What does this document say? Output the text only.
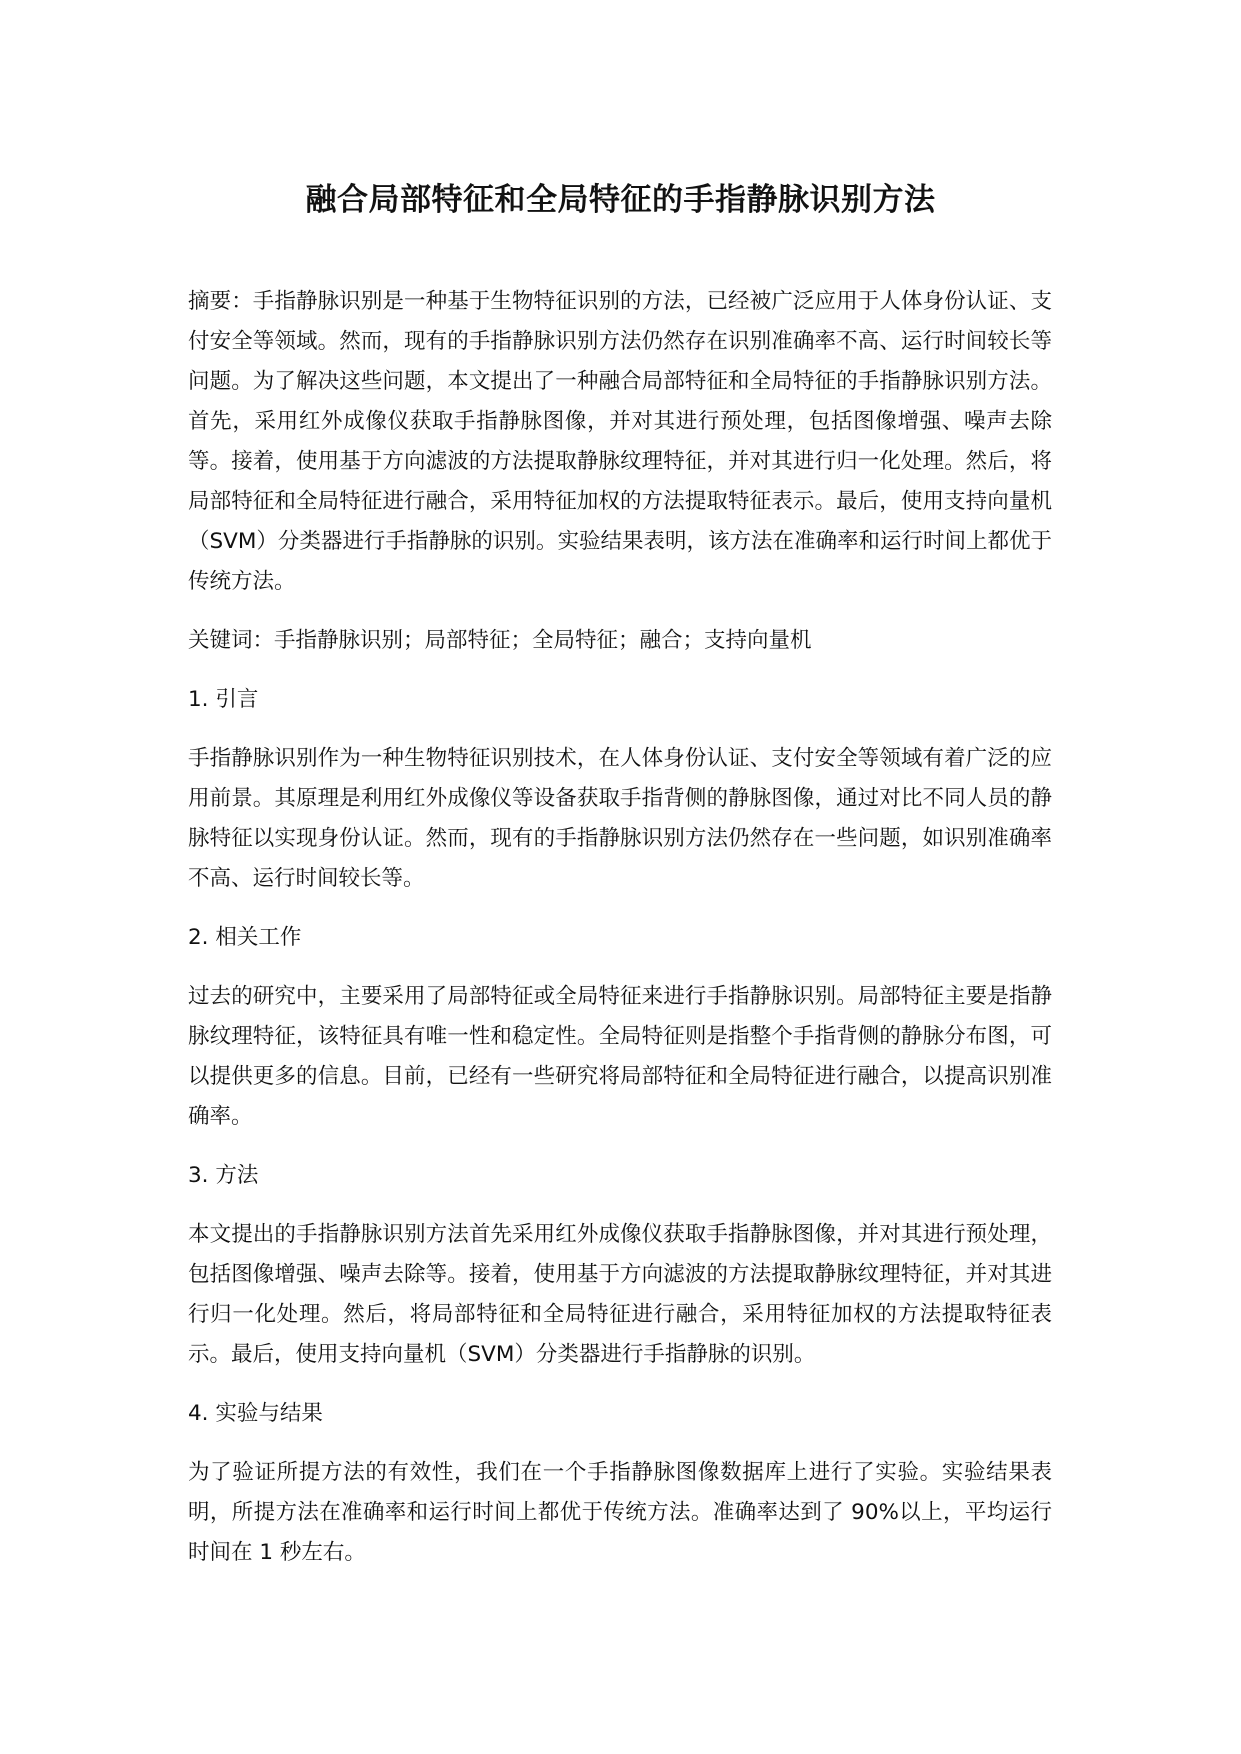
融合局部特征和全局特征的手指静脉识别方法

摘要：手指静脉识别是一种基于生物特征识别的方法，已经被广泛应用于人体身份认证、支付安全等领域。然而，现有的手指静脉识别方法仍然存在识别准确率不高、运行时间较长等问题。为了解决这些问题，本文提出了一种融合局部特征和全局特征的手指静脉识别方法。首先，采用红外成像仪获取手指静脉图像，并对其进行预处理，包括图像增强、噪声去除等。接着，使用基于方向滤波的方法提取静脉纹理特征，并对其进行归一化处理。然后，将局部特征和全局特征进行融合，采用特征加权的方法提取特征表示。最后，使用支持向量机（SVM）分类器进行手指静脉的识别。实验结果表明，该方法在准确率和运行时间上都优于传统方法。

关键词：手指静脉识别；局部特征；全局特征；融合；支持向量机

1. 引言

手指静脉识别作为一种生物特征识别技术，在人体身份认证、支付安全等领域有着广泛的应用前景。其原理是利用红外成像仪等设备获取手指背侧的静脉图像，通过对比不同人员的静脉特征以实现身份认证。然而，现有的手指静脉识别方法仍然存在一些问题，如识别准确率不高、运行时间较长等。

2. 相关工作

过去的研究中，主要采用了局部特征或全局特征来进行手指静脉识别。局部特征主要是指静脉纹理特征，该特征具有唯一性和稳定性。全局特征则是指整个手指背侧的静脉分布图，可以提供更多的信息。目前，已经有一些研究将局部特征和全局特征进行融合，以提高识别准确率。

3. 方法

本文提出的手指静脉识别方法首先采用红外成像仪获取手指静脉图像，并对其进行预处理，包括图像增强、噪声去除等。接着，使用基于方向滤波的方法提取静脉纹理特征，并对其进行归一化处理。然后，将局部特征和全局特征进行融合，采用特征加权的方法提取特征表示。最后，使用支持向量机（SVM）分类器进行手指静脉的识别。

4. 实验与结果

为了验证所提方法的有效性，我们在一个手指静脉图像数据库上进行了实验。实验结果表明，所提方法在准确率和运行时间上都优于传统方法。准确率达到了 90%以上，平均运行时间在 1 秒左右。
